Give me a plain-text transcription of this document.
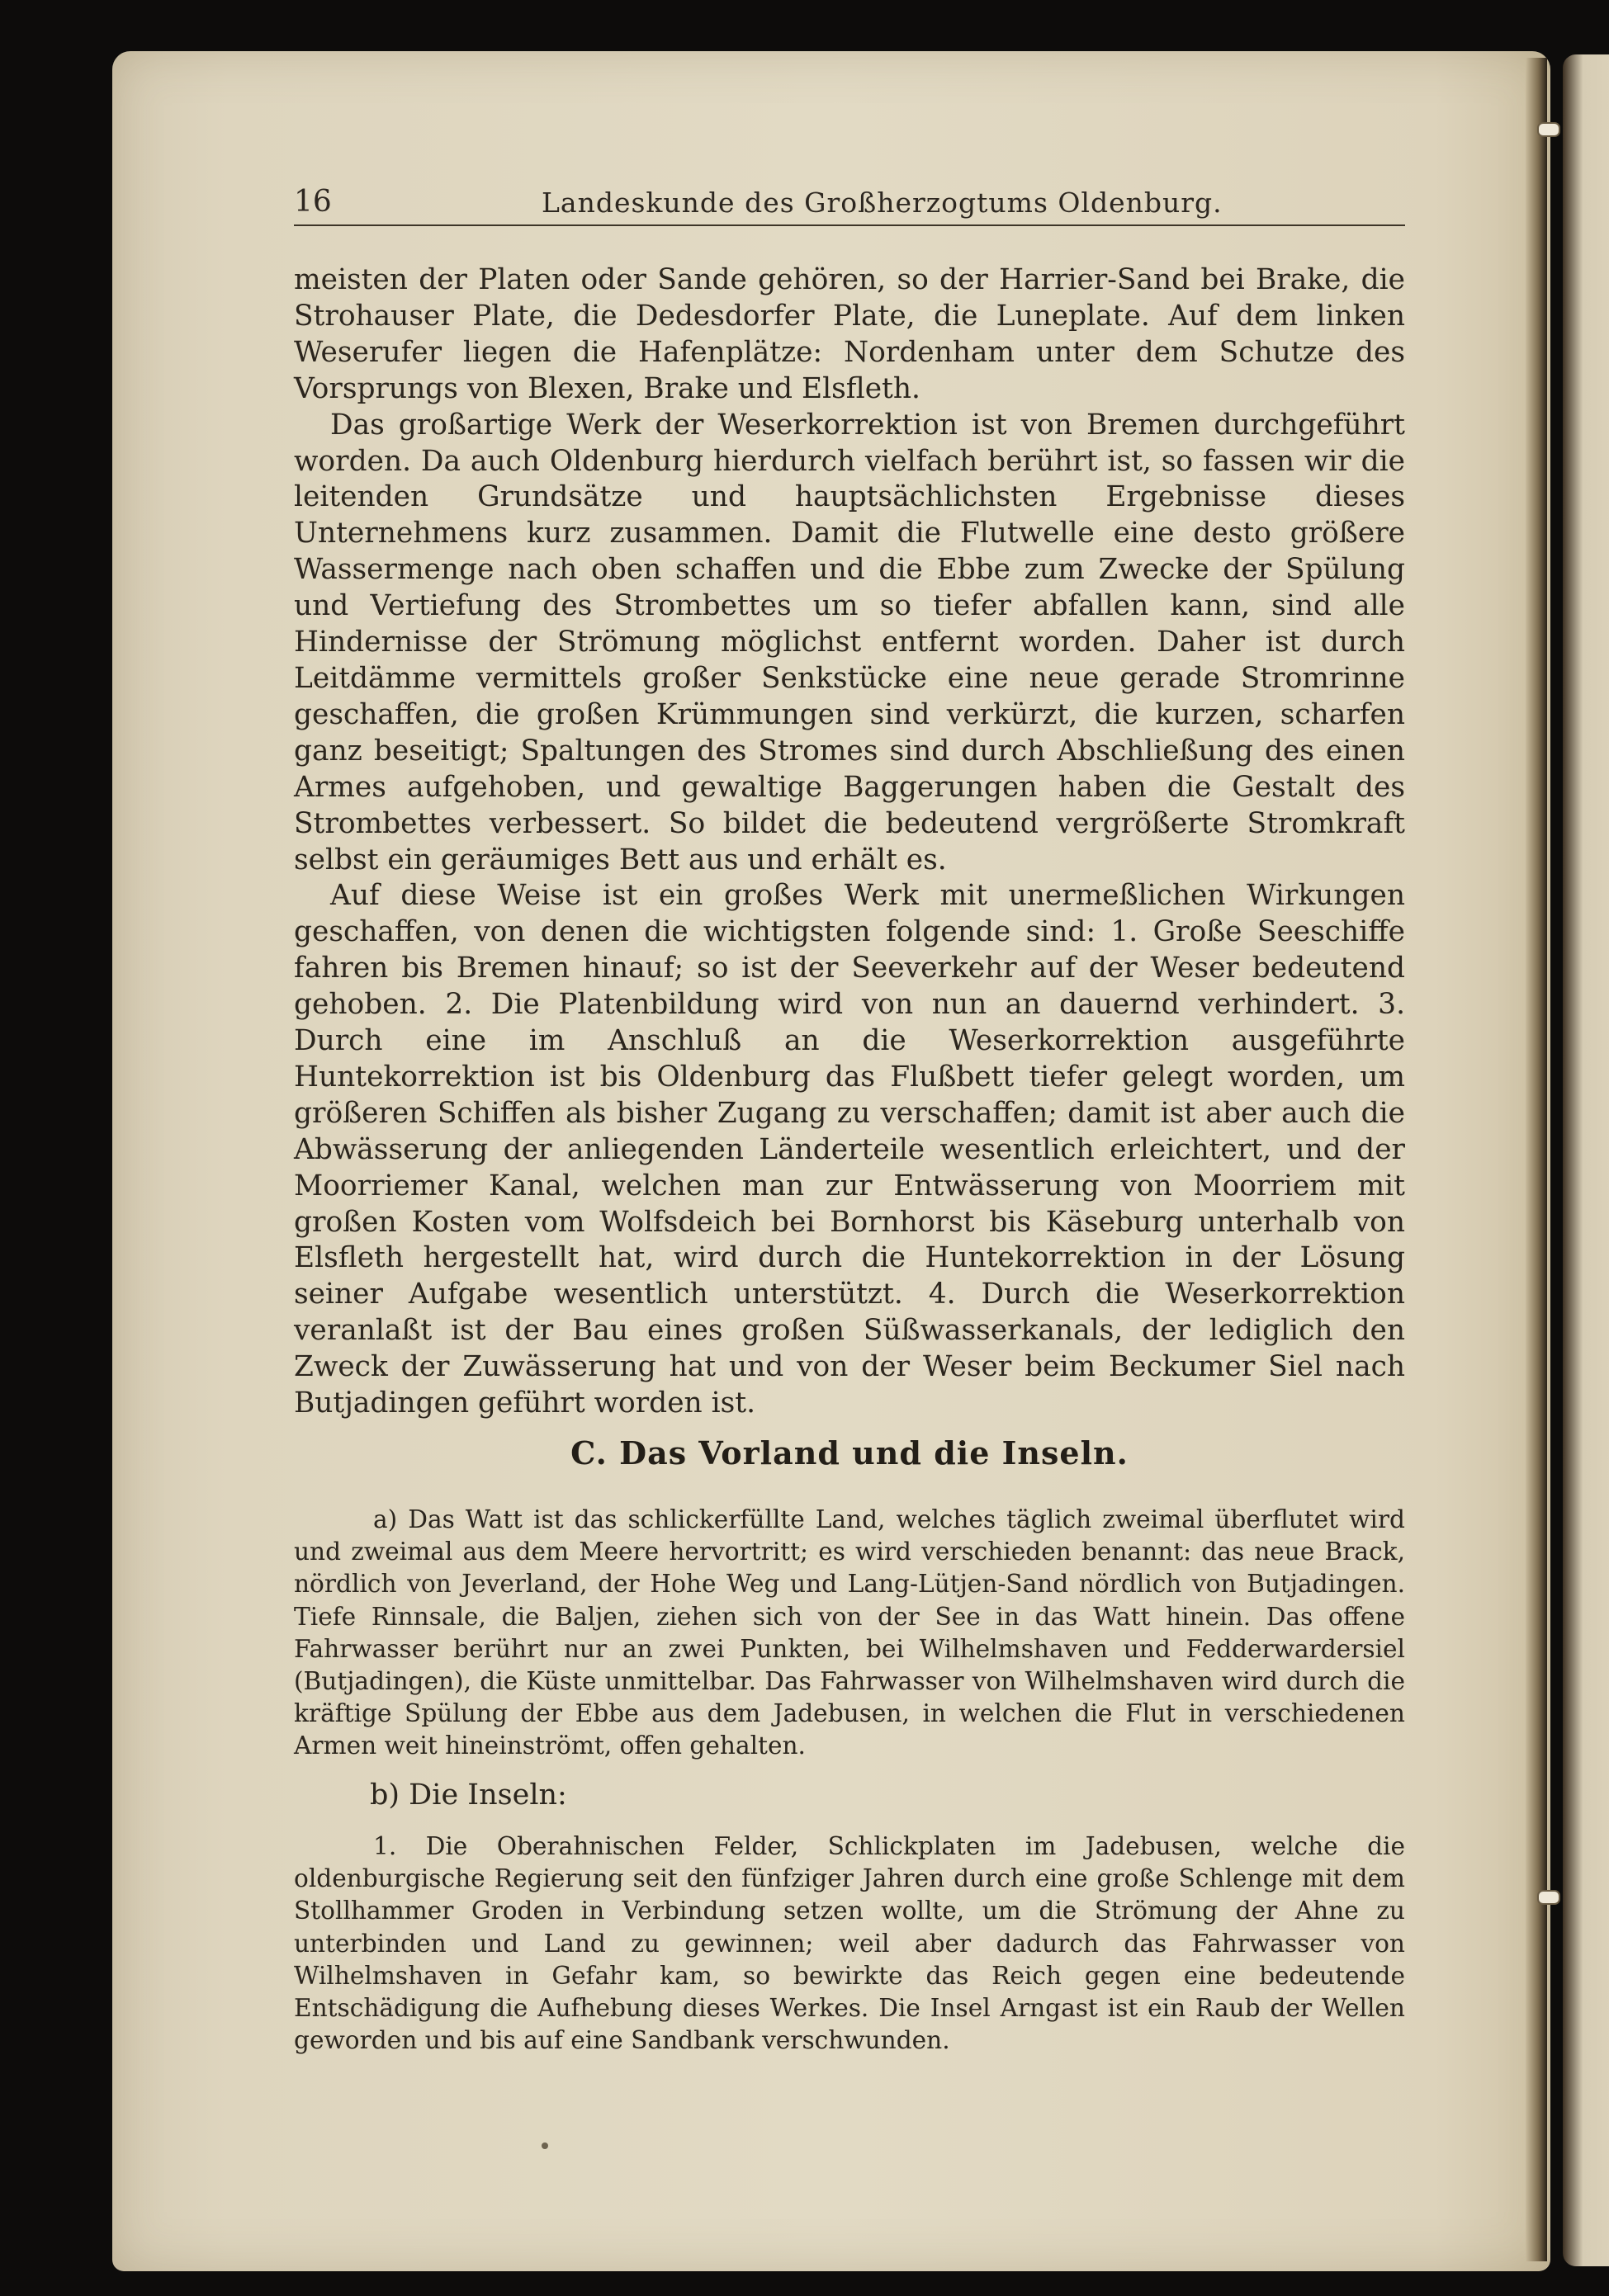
16	Landeskunde des Großherzogtums Oldenburg.

meisten der Platen oder Sande gehören, so der Harrier-Sand bei Brake, die Strohauser Plate, die Dedesdorfer Plate, die Luneplate. Auf dem linken Weserufer liegen die Hafenplätze: Nordenham unter dem Schutze des Vorsprungs von Blexen, Brake und Elsfleth.

Das großartige Werk der Weserkorrektion ist von Bremen durchgeführt worden. Da auch Oldenburg hierdurch vielfach berührt ist, so fassen wir die leitenden Grundsätze und hauptsächlichsten Ergebnisse dieses Unternehmens kurz zusammen. Damit die Flutwelle eine desto größere Wassermenge nach oben schaffen und die Ebbe zum Zwecke der Spülung und Vertiefung des Strombettes um so tiefer abfallen kann, sind alle Hindernisse der Strömung möglichst entfernt worden. Daher ist durch Leitdämme vermittels großer Senkstücke eine neue gerade Stromrinne geschaffen, die großen Krümmungen sind verkürzt, die kurzen, scharfen ganz beseitigt; Spaltungen des Stromes sind durch Abschließung des einen Armes aufgehoben, und gewaltige Baggerungen haben die Gestalt des Strombettes verbessert. So bildet die bedeutend vergrößerte Stromkraft selbst ein geräumiges Bett aus und erhält es.

Auf diese Weise ist ein großes Werk mit unermeßlichen Wirkungen geschaffen, von denen die wichtigsten folgende sind: 1. Große Seeschiffe fahren bis Bremen hinauf; so ist der Seeverkehr auf der Weser bedeutend gehoben. 2. Die Platenbildung wird von nun an dauernd verhindert. 3. Durch eine im Anschluß an die Weserkorrektion ausgeführte Huntekorrektion ist bis Oldenburg das Flußbett tiefer gelegt worden, um größeren Schiffen als bisher Zugang zu verschaffen; damit ist aber auch die Abwässerung der anliegenden Länderteile wesentlich erleichtert, und der Moorriemer Kanal, welchen man zur Entwässerung von Moorriem mit großen Kosten vom Wolfsdeich bei Bornhorst bis Käseburg unterhalb von Elsfleth hergestellt hat, wird durch die Huntekorrektion in der Lösung seiner Aufgabe wesentlich unterstützt. 4. Durch die Weserkorrektion veranlaßt ist der Bau eines großen Süßwasserkanals, der lediglich den Zweck der Zuwässerung hat und von der Weser beim Beckumer Siel nach Butjadingen geführt worden ist.

C. Das Vorland und die Inseln.

a) Das Watt ist das schlickerfüllte Land, welches täglich zweimal überflutet wird und zweimal aus dem Meere hervortritt; es wird verschieden benannt: das neue Brack, nördlich von Jeverland, der Hohe Weg und Lang-Lütjen-Sand nördlich von Butjadingen. Tiefe Rinnsale, die Baljen, ziehen sich von der See in das Watt hinein. Das offene Fahrwasser berührt nur an zwei Punkten, bei Wilhelmshaven und Fedderwardersiel (Butjadingen), die Küste unmittelbar. Das Fahrwasser von Wilhelmshaven wird durch die kräftige Spülung der Ebbe aus dem Jadebusen, in welchen die Flut in verschiedenen Armen weit hineinströmt, offen gehalten.

b) Die Inseln:

1. Die Oberahnischen Felder, Schlickplaten im Jadebusen, welche die oldenburgische Regierung seit den fünfziger Jahren durch eine große Schlenge mit dem Stollhammer Groden in Verbindung setzen wollte, um die Strömung der Ahne zu unterbinden und Land zu gewinnen; weil aber dadurch das Fahrwasser von Wilhelmshaven in Gefahr kam, so bewirkte das Reich gegen eine bedeutende Entschädigung die Aufhebung dieses Werkes. Die Insel Arngast ist ein Raub der Wellen geworden und bis auf eine Sandbank verschwunden.
